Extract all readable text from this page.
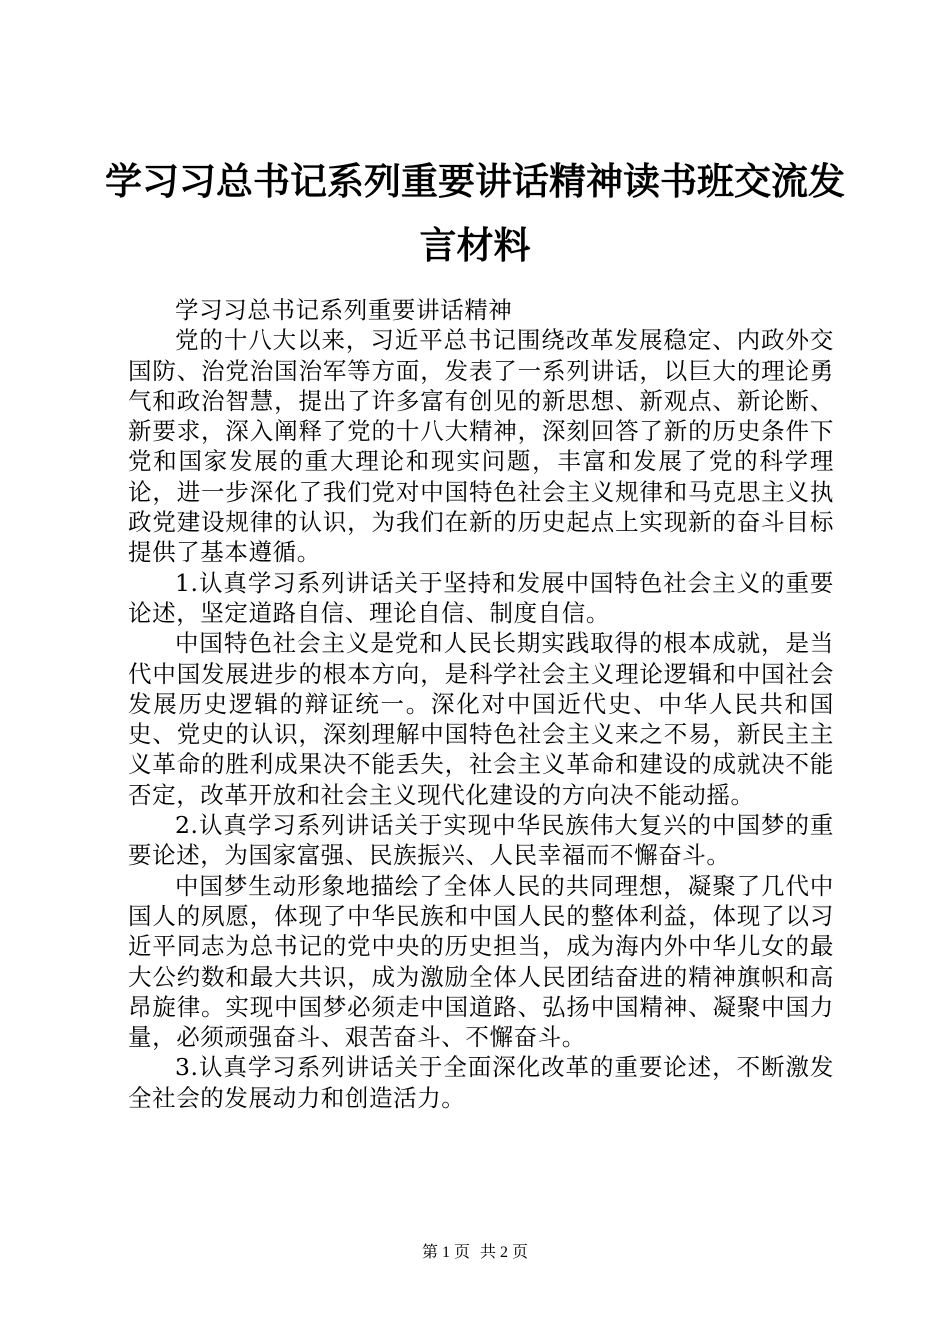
学习习总书记系列重要讲话精神读书班交流发言材料

学习习总书记系列重要讲话精神

党的十八大以来，习近平总书记围绕改革发展稳定、内政外交国防、治党治国治军等方面，发表了一系列讲话，以巨大的理论勇气和政治智慧，提出了许多富有创见的新思想、新观点、新论断、新要求，深入阐释了党的十八大精神，深刻回答了新的历史条件下党和国家发展的重大理论和现实问题，丰富和发展了党的科学理论，进一步深化了我们党对中国特色社会主义规律和马克思主义执政党建设规律的认识，为我们在新的历史起点上实现新的奋斗目标提供了基本遵循。

1.认真学习系列讲话关于坚持和发展中国特色社会主义的重要论述，坚定道路自信、理论自信、制度自信。

中国特色社会主义是党和人民长期实践取得的根本成就，是当代中国发展进步的根本方向，是科学社会主义理论逻辑和中国社会发展历史逻辑的辩证统一。深化对中国近代史、中华人民共和国史、党史的认识，深刻理解中国特色社会主义来之不易，新民主主义革命的胜利成果决不能丢失，社会主义革命和建设的成就决不能否定，改革开放和社会主义现代化建设的方向决不能动摇。

2.认真学习系列讲话关于实现中华民族伟大复兴的中国梦的重要论述，为国家富强、民族振兴、人民幸福而不懈奋斗。

中国梦生动形象地描绘了全体人民的共同理想，凝聚了几代中国人的夙愿，体现了中华民族和中国人民的整体利益，体现了以习近平同志为总书记的党中央的历史担当，成为海内外中华儿女的最大公约数和最大共识，成为激励全体人民团结奋进的精神旗帜和高昂旋律。实现中国梦必须走中国道路、弘扬中国精神、凝聚中国力量，必须顽强奋斗、艰苦奋斗、不懈奋斗。

3.认真学习系列讲话关于全面深化改革的重要论述，不断激发全社会的发展动力和创造活力。

第 1 页 共 2 页
